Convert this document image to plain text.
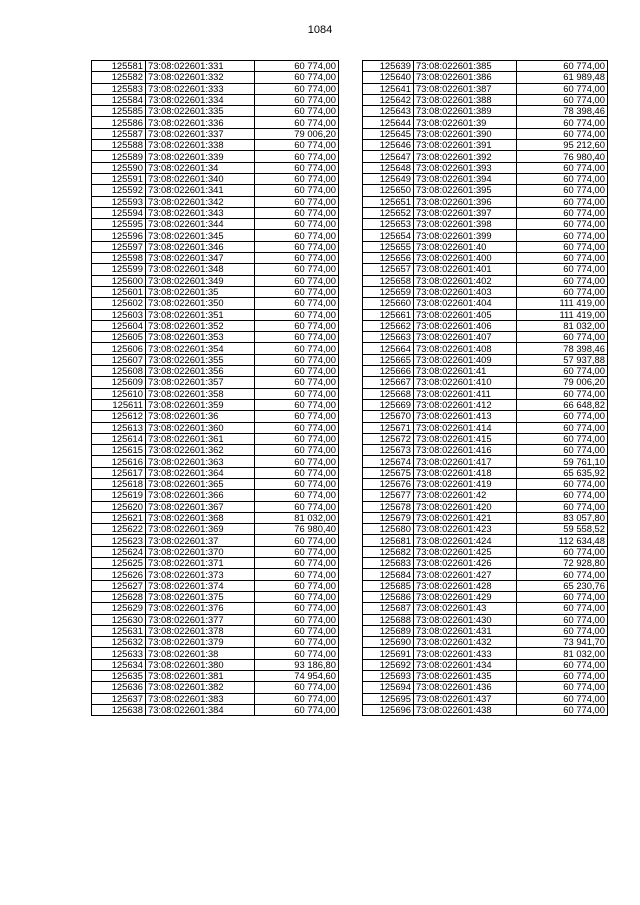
1084
125581	73:08:022601:331	60 774,00
125582	73:08:022601:332	60 774,00
125583	73:08:022601:333	60 774,00
125584	73:08:022601:334	60 774,00
125585	73:08:022601:335	60 774,00
125586	73:08:022601:336	60 774,00
125587	73:08:022601:337	79 006,20
125588	73:08:022601:338	60 774,00
125589	73:08:022601:339	60 774,00
125590	73:08:022601:34	60 774,00
125591	73:08:022601:340	60 774,00
125592	73:08:022601:341	60 774,00
125593	73:08:022601:342	60 774,00
125594	73:08:022601:343	60 774,00
125595	73:08:022601:344	60 774,00
125596	73:08:022601:345	60 774,00
125597	73:08:022601:346	60 774,00
125598	73:08:022601:347	60 774,00
125599	73:08:022601:348	60 774,00
125600	73:08:022601:349	60 774,00
125601	73:08:022601:35	60 774,00
125602	73:08:022601:350	60 774,00
125603	73:08:022601:351	60 774,00
125604	73:08:022601:352	60 774,00
125605	73:08:022601:353	60 774,00
125606	73:08:022601:354	60 774,00
125607	73:08:022601:355	60 774,00
125608	73:08:022601:356	60 774,00
125609	73:08:022601:357	60 774,00
125610	73:08:022601:358	60 774,00
125611	73:08:022601:359	60 774,00
125612	73:08:022601:36	60 774,00
125613	73:08:022601:360	60 774,00
125614	73:08:022601:361	60 774,00
125615	73:08:022601:362	60 774,00
125616	73:08:022601:363	60 774,00
125617	73:08:022601:364	60 774,00
125618	73:08:022601:365	60 774,00
125619	73:08:022601:366	60 774,00
125620	73:08:022601:367	60 774,00
125621	73:08:022601:368	81 032,00
125622	73:08:022601:369	76 980,40
125623	73:08:022601:37	60 774,00
125624	73:08:022601:370	60 774,00
125625	73:08:022601:371	60 774,00
125626	73:08:022601:373	60 774,00
125627	73:08:022601:374	60 774,00
125628	73:08:022601:375	60 774,00
125629	73:08:022601:376	60 774,00
125630	73:08:022601:377	60 774,00
125631	73:08:022601:378	60 774,00
125632	73:08:022601:379	60 774,00
125633	73:08:022601:38	60 774,00
125634	73:08:022601:380	93 186,80
125635	73:08:022601:381	74 954,60
125636	73:08:022601:382	60 774,00
125637	73:08:022601:383	60 774,00
125638	73:08:022601:384	60 774,00
125639	73:08:022601:385	60 774,00
125640	73:08:022601:386	61 989,48
125641	73:08:022601:387	60 774,00
125642	73:08:022601:388	60 774,00
125643	73:08:022601:389	78 398,46
125644	73:08:022601:39	60 774,00
125645	73:08:022601:390	60 774,00
125646	73:08:022601:391	95 212,60
125647	73:08:022601:392	76 980,40
125648	73:08:022601:393	60 774,00
125649	73:08:022601:394	60 774,00
125650	73:08:022601:395	60 774,00
125651	73:08:022601:396	60 774,00
125652	73:08:022601:397	60 774,00
125653	73:08:022601:398	60 774,00
125654	73:08:022601:399	60 774,00
125655	73:08:022601:40	60 774,00
125656	73:08:022601:400	60 774,00
125657	73:08:022601:401	60 774,00
125658	73:08:022601:402	60 774,00
125659	73:08:022601:403	60 774,00
125660	73:08:022601:404	111 419,00
125661	73:08:022601:405	111 419,00
125662	73:08:022601:406	81 032,00
125663	73:08:022601:407	60 774,00
125664	73:08:022601:408	78 398,46
125665	73:08:022601:409	57 937,88
125666	73:08:022601:41	60 774,00
125667	73:08:022601:410	79 006,20
125668	73:08:022601:411	60 774,00
125669	73:08:022601:412	66 648,82
125670	73:08:022601:413	60 774,00
125671	73:08:022601:414	60 774,00
125672	73:08:022601:415	60 774,00
125673	73:08:022601:416	60 774,00
125674	73:08:022601:417	59 761,10
125675	73:08:022601:418	65 635,92
125676	73:08:022601:419	60 774,00
125677	73:08:022601:42	60 774,00
125678	73:08:022601:420	60 774,00
125679	73:08:022601:421	83 057,80
125680	73:08:022601:423	59 558,52
125681	73:08:022601:424	112 634,48
125682	73:08:022601:425	60 774,00
125683	73:08:022601:426	72 928,80
125684	73:08:022601:427	60 774,00
125685	73:08:022601:428	65 230,76
125686	73:08:022601:429	60 774,00
125687	73:08:022601:43	60 774,00
125688	73:08:022601:430	60 774,00
125689	73:08:022601:431	60 774,00
125690	73:08:022601:432	73 941,70
125691	73:08:022601:433	81 032,00
125692	73:08:022601:434	60 774,00
125693	73:08:022601:435	60 774,00
125694	73:08:022601:436	60 774,00
125695	73:08:022601:437	60 774,00
125696	73:08:022601:438	60 774,00
